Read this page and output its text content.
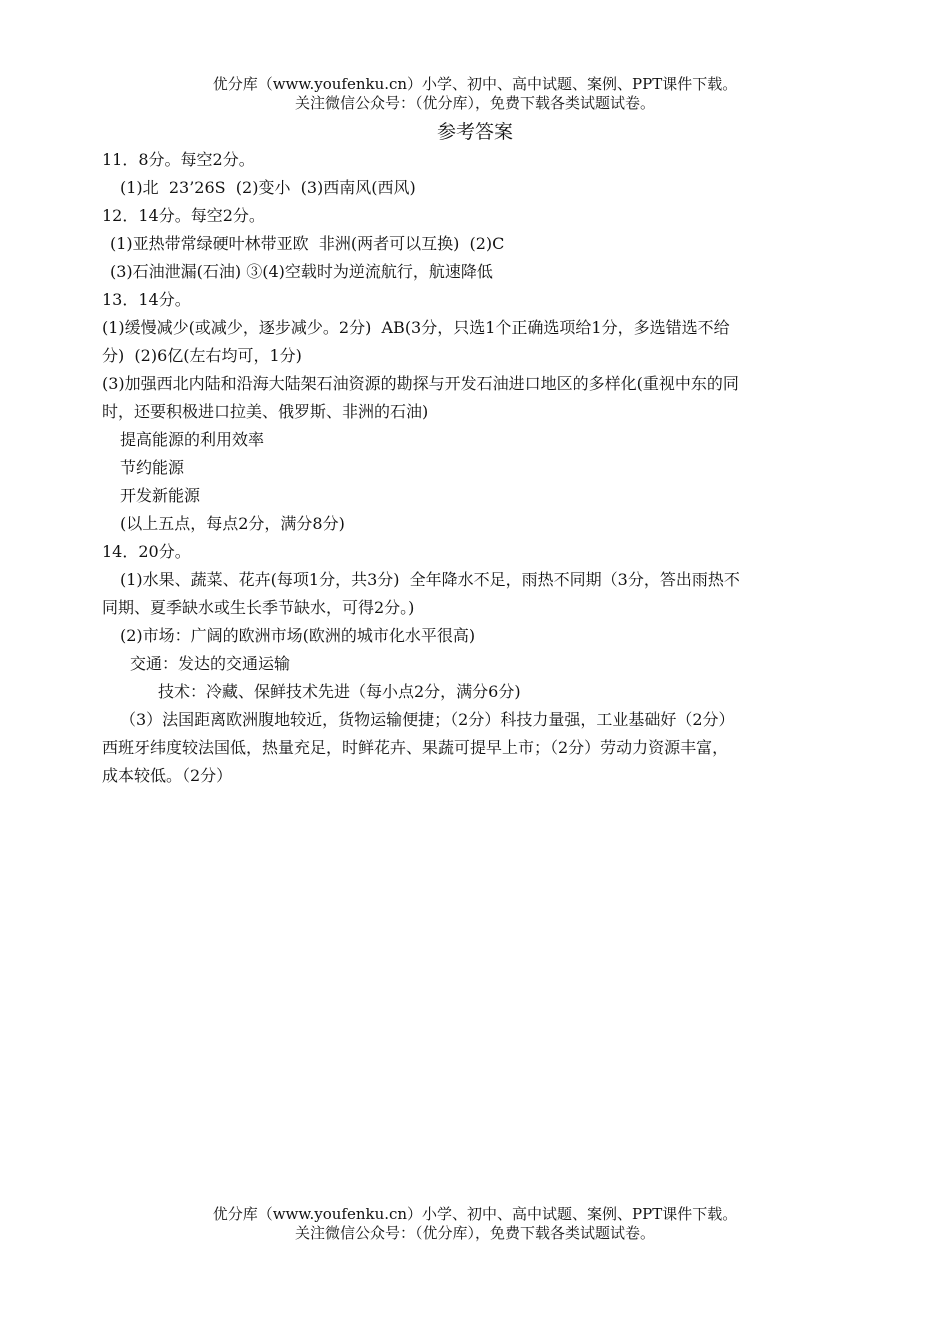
优分库（www.youfenku.cn）小学、初中、高中试题、案例、PPT课件下载。
关注微信公众号：（优分库），免费下载各类试题试卷。
参考答案
11．8分。每空2分。
(1)北  23’26S  (2)变小  (3)西南风(西风)
12．14分。每空2分。
(1)亚热带常绿硬叶林带亚欧  非洲(两者可以互换)  (2)C
(3)石油泄漏(石油) ③(4)空载时为逆流航行，航速降低
13．14分。
(1)缓慢减少(或减少，逐步减少。2分)  AB(3分，只选1个正确选项给1分，多选错选不给
分)  (2)6亿(左右均可，1分)
(3)加强西北内陆和沿海大陆架石油资源的勘探与开发石油进口地区的多样化(重视中东的同
时，还要积极进口拉美、俄罗斯、非洲的石油)
提高能源的利用效率
节约能源
开发新能源
(以上五点，每点2分，满分8分)
14．20分。
(1)水果、蔬菜、花卉(每项1分，共3分)  全年降水不足，雨热不同期（3分，答出雨热不
同期、夏季缺水或生长季节缺水，可得2分。)
(2)市场：广阔的欧洲市场(欧洲的城市化水平很高)
交通：发达的交通运输
技术：冷藏、保鲜技术先进（每小点2分，满分6分)
（3）法国距离欧洲腹地较近，货物运输便捷；（2分）科技力量强，工业基础好（2分）
西班牙纬度较法国低，热量充足，时鲜花卉、果蔬可提早上市；（2分）劳动力资源丰富，
成本较低。（2分）
优分库（www.youfenku.cn）小学、初中、高中试题、案例、PPT课件下载。
关注微信公众号：（优分库），免费下载各类试题试卷。
